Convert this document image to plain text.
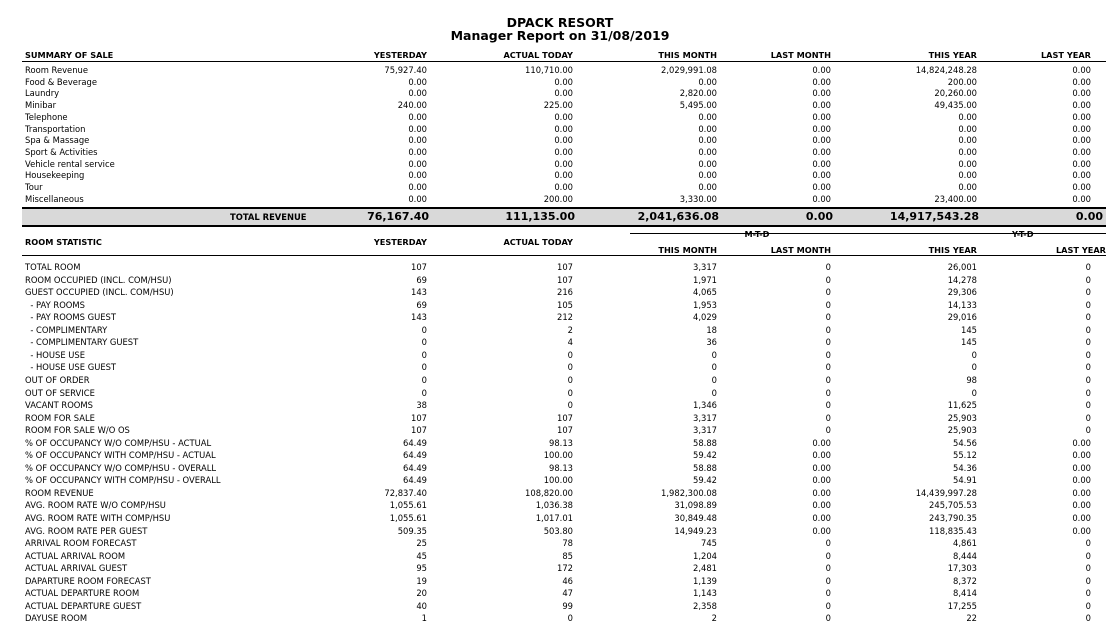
DPACK RESORT
Manager Report on 31/08/2019
SUMMARY OF SALE	YESTERDAY	ACTUAL TODAY	THIS MONTH	LAST MONTH	THIS YEAR	LAST YEAR
Room Revenue	75,927.40	110,710.00	2,029,991.08	0.00	14,824,248.28	0.00
Food & Beverage	0.00	0.00	0.00	0.00	200.00	0.00
Laundry	0.00	0.00	2,820.00	0.00	20,260.00	0.00
Minibar	240.00	225.00	5,495.00	0.00	49,435.00	0.00
Telephone	0.00	0.00	0.00	0.00	0.00	0.00
Transportation	0.00	0.00	0.00	0.00	0.00	0.00
Spa & Massage	0.00	0.00	0.00	0.00	0.00	0.00
Sport & Activities	0.00	0.00	0.00	0.00	0.00	0.00
Vehicle rental service	0.00	0.00	0.00	0.00	0.00	0.00
Housekeeping	0.00	0.00	0.00	0.00	0.00	0.00
Tour	0.00	0.00	0.00	0.00	0.00	0.00
Miscellaneous	0.00	200.00	3,330.00	0.00	23,400.00	0.00
TOTAL REVENUE	76,167.40	111,135.00	2,041,636.08	0.00	14,917,543.28	0.00
M-T-D	Y-T-D
ROOM STATISTIC	YESTERDAY	ACTUAL TODAY
THIS MONTH	LAST MONTH	THIS YEAR	LAST YEAR
TOTAL ROOM	107	107	3,317	0	26,001	0
ROOM OCCUPIED (INCL. COM/HSU)	69	107	1,971	0	14,278	0
GUEST OCCUPIED (INCL. COM/HSU)	143	216	4,065	0	29,306	0
- PAY ROOMS	69	105	1,953	0	14,133	0
- PAY ROOMS GUEST	143	212	4,029	0	29,016	0
- COMPLIMENTARY	0	2	18	0	145	0
- COMPLIMENTARY GUEST	0	4	36	0	145	0
- HOUSE USE	0	0	0	0	0	0
- HOUSE USE GUEST	0	0	0	0	0	0
OUT OF ORDER	0	0	0	0	98	0
OUT OF SERVICE	0	0	0	0	0	0
VACANT ROOMS	38	0	1,346	0	11,625	0
ROOM FOR SALE	107	107	3,317	0	25,903	0
ROOM FOR SALE W/O OS	107	107	3,317	0	25,903	0
% OF OCCUPANCY W/O COMP/HSU - ACTUAL	64.49	98.13	58.88	0.00	54.56	0.00
% OF OCCUPANCY WITH COMP/HSU - ACTUAL	64.49	100.00	59.42	0.00	55.12	0.00
% OF OCCUPANCY W/O COMP/HSU - OVERALL	64.49	98.13	58.88	0.00	54.36	0.00
% OF OCCUPANCY WITH COMP/HSU - OVERALL	64.49	100.00	59.42	0.00	54.91	0.00
ROOM REVENUE	72,837.40	108,820.00	1,982,300.08	0.00	14,439,997.28	0.00
AVG. ROOM RATE W/O COMP/HSU	1,055.61	1,036.38	31,098.89	0.00	245,705.53	0.00
AVG. ROOM RATE WITH COMP/HSU	1,055.61	1,017.01	30,849.48	0.00	243,790.35	0.00
AVG. ROOM RATE PER GUEST	509.35	503.80	14,949.23	0.00	118,835.43	0.00
ARRIVAL ROOM FORECAST	25	78	745	0	4,861	0
ACTUAL ARRIVAL ROOM	45	85	1,204	0	8,444	0
ACTUAL ARRIVAL GUEST	95	172	2,481	0	17,303	0
DAPARTURE ROOM FORECAST	19	46	1,139	0	8,372	0
ACTUAL DEPARTURE ROOM	20	47	1,143	0	8,414	0
ACTUAL DEPARTURE GUEST	40	99	2,358	0	17,255	0
DAYUSE ROOM	1	0	2	0	22	0
